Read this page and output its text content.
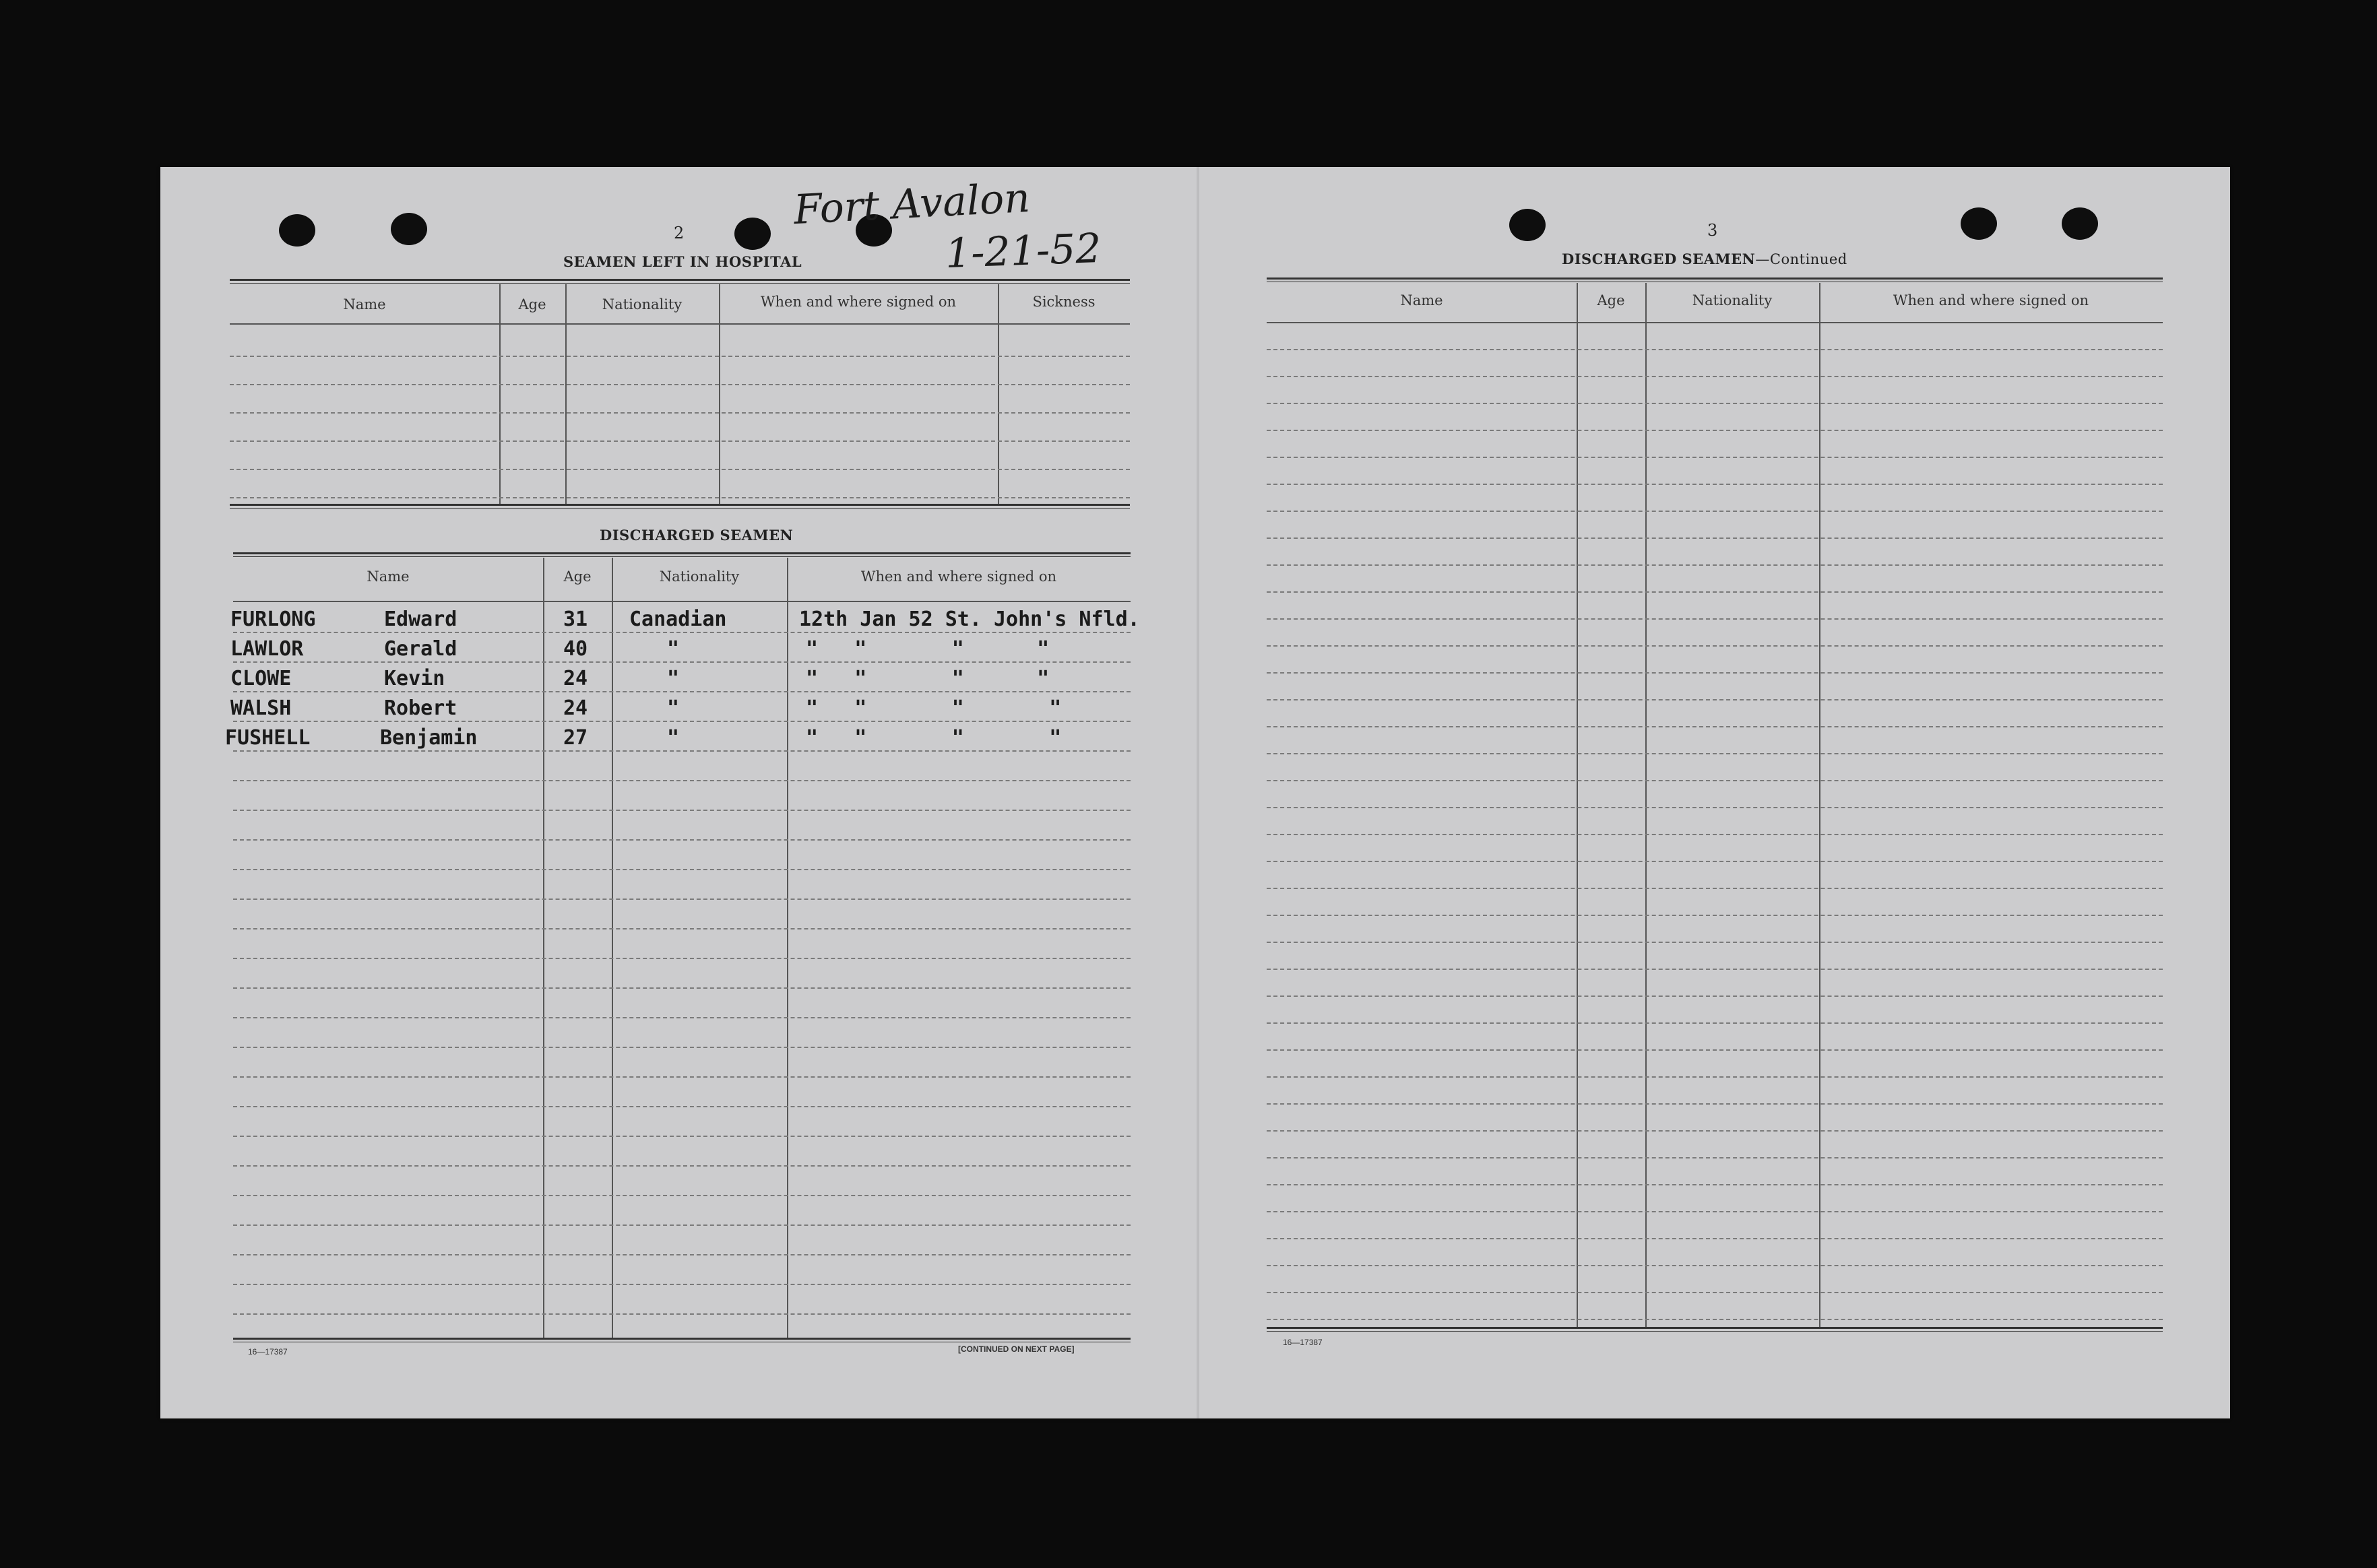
Fort Avalon
1-21-52
2
SEAMEN LEFT IN HOSPITAL
Name	Age	Nationality	When and where signed on	Sickness
DISCHARGED SEAMEN
Name	Age	Nationality	When and where signed on
FURLONG	Edward	31 Canadian	12th Jan 52 St. John's Nfld.
LAWLOR	Gerald	40	"	"   "       "      "
CLOWE	Kevin	24	"	"   "       "      "
WALSH	Robert	24	"	"   "       "       "
FUSHELL	Benjamin	27	"	"   "       "       "
16—17387	[CONTINUED ON NEXT PAGE]
3
DISCHARGED SEAMEN—Continued
Name	Age	Nationality	When and where signed on
16—17387
